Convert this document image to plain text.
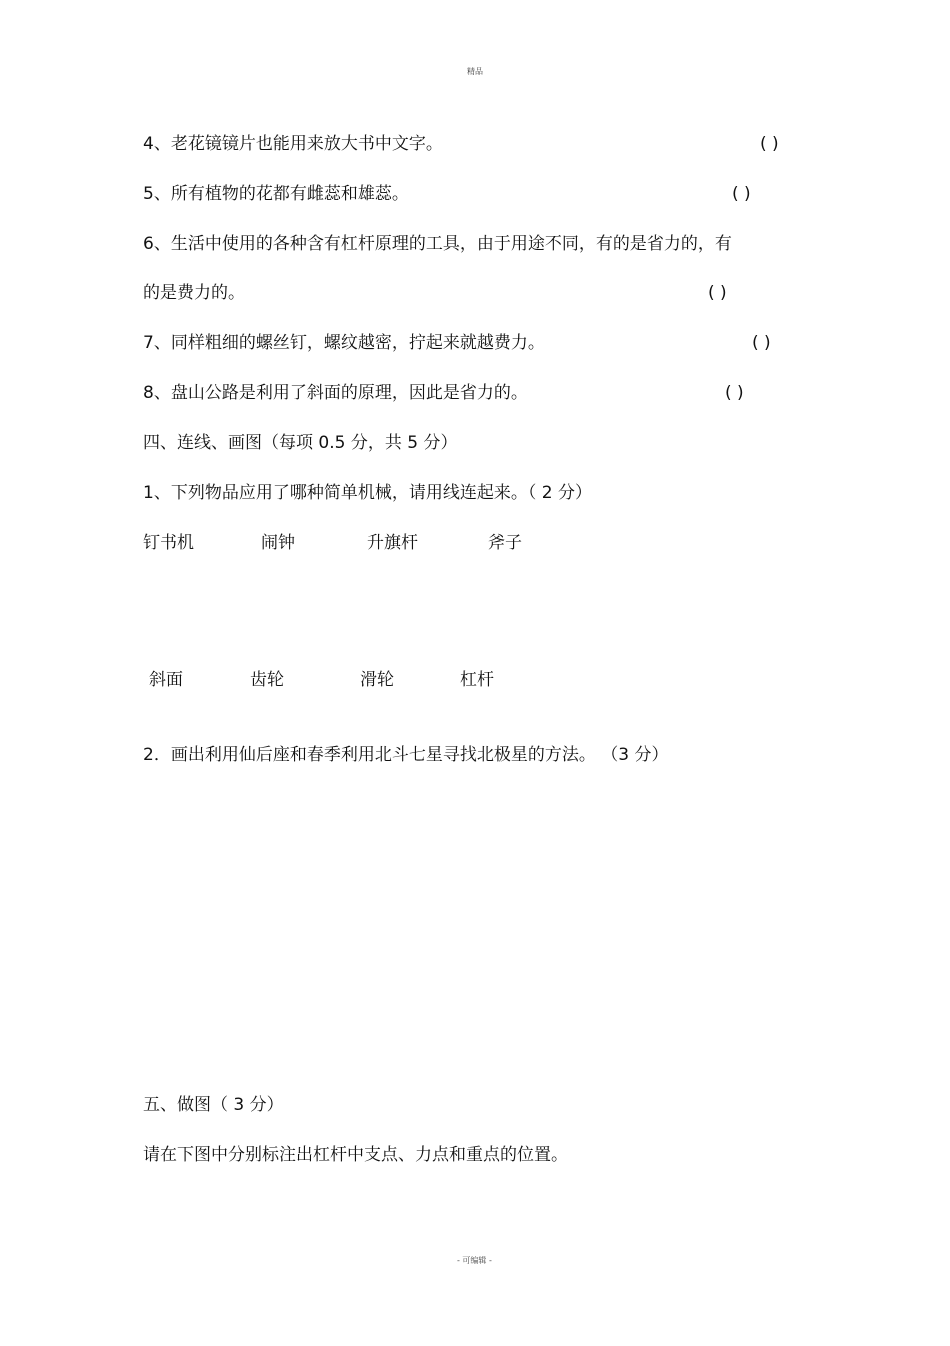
精品
4、老花镜镜片也能用来放大书中文字。	( )
5、所有植物的花都有雌蕊和雄蕊。	( )
6、生活中使用的各种含有杠杆原理的工具，由于用途不同，有的是省力的，有
的是费力的。	( )
7、同样粗细的螺丝钉，螺纹越密，拧起来就越费力。	( )
8、盘山公路是利用了斜面的原理，因此是省力的。	( )
四、连线、画图（每项 0.5 分，共 5 分）
1、下列物品应用了哪种简单机械，请用线连起来。（ 2 分）
钉书机	闹钟	升旗杆	斧子
斜面	齿轮	滑轮	杠杆
2．画出利用仙后座和春季利用北斗七星寻找北极星的方法。 （3 分）
五、做图（ 3 分）
请在下图中分别标注出杠杆中支点、力点和重点的位置。
- 可编辑 -
